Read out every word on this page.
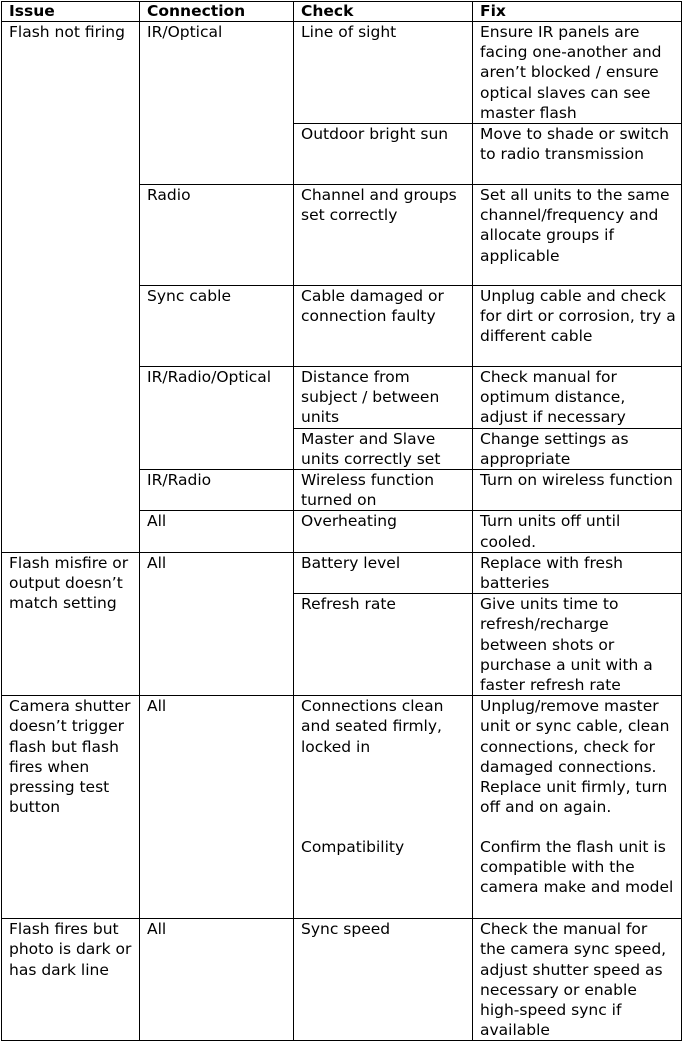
Issue	Connection	Check	Fix
Flash not firing	IR/Optical	Line of sight	Ensure IR panels are facing one-another and aren’t blocked / ensure optical slaves can see master flash
		Outdoor bright sun	Move to shade or switch to radio transmission
	Radio	Channel and groups set correctly	Set all units to the same channel/frequency and allocate groups if applicable
	Sync cable	Cable damaged or connection faulty	Unplug cable and check for dirt or corrosion, try a different cable
	IR/Radio/Optical	Distance from subject / between units	Check manual for optimum distance, adjust if necessary
		Master and Slave units correctly set	Change settings as appropriate
	IR/Radio	Wireless function turned on	Turn on wireless function
	All	Overheating	Turn units off until cooled.
Flash misfire or output doesn’t match setting	All	Battery level	Replace with fresh batteries
		Refresh rate	Give units time to refresh/recharge between shots or purchase a unit with a faster refresh rate
Camera shutter doesn’t trigger flash but flash fires when pressing test button	All	Connections clean and seated firmly, locked in	Unplug/remove master unit or sync cable, clean connections, check for damaged connections. Replace unit firmly, turn off and on again.
		Compatibility	Confirm the flash unit is compatible with the camera make and model
Flash fires but photo is dark or has dark line	All	Sync speed	Check the manual for the camera sync speed, adjust shutter speed as necessary or enable high-speed sync if available
